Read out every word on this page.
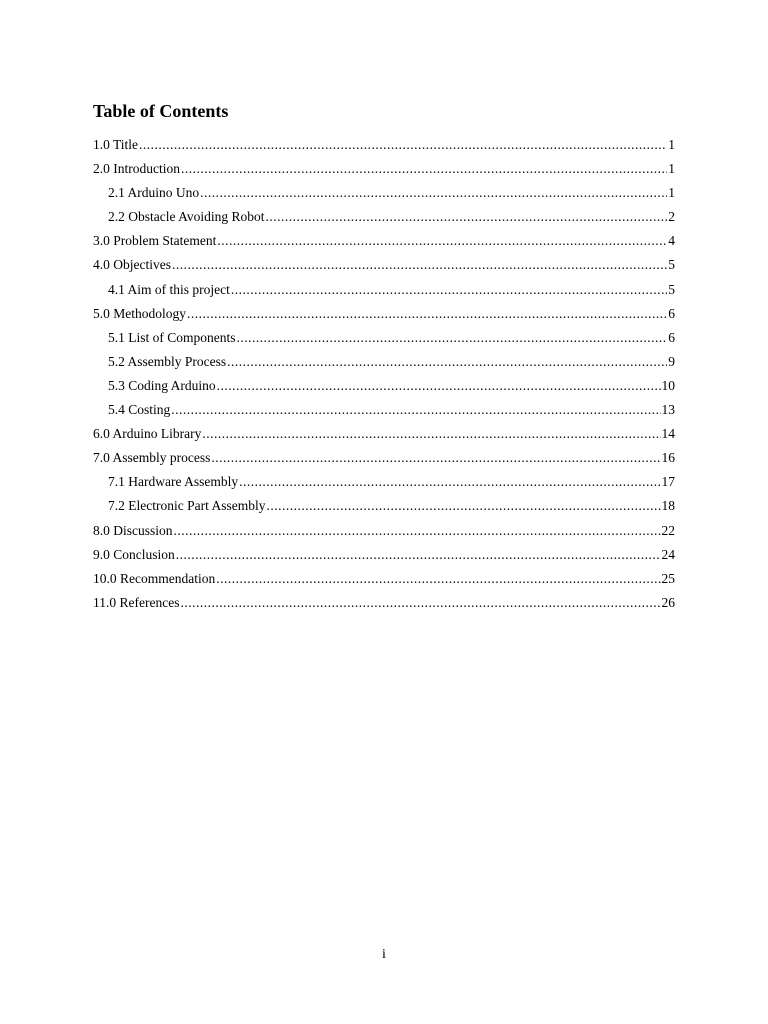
Table of Contents
1.0 Title .....	1
2.0 Introduction .....	1
2.1 Arduino Uno .....	1
2.2 Obstacle Avoiding Robot .....	2
3.0 Problem Statement .....	4
4.0 Objectives .....	5
4.1 Aim of this project .....	5
5.0 Methodology .....	6
5.1 List of Components .....	6
5.2 Assembly Process .....	9
5.3 Coding Arduino .....	10
5.4 Costing .....	13
6.0 Arduino Library .....	14
7.0 Assembly process .....	16
7.1 Hardware Assembly .....	17
7.2 Electronic Part Assembly .....	18
8.0 Discussion .....	22
9.0 Conclusion .....	24
10.0 Recommendation .....	25
11.0 References .....	26
i
